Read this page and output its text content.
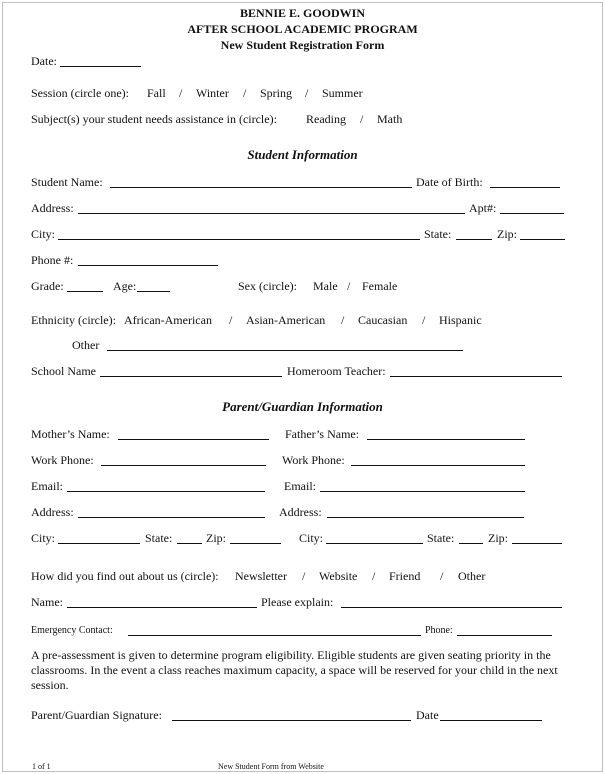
BENNIE E. GOODWIN
AFTER SCHOOL ACADEMIC PROGRAM
New Student Registration Form
Date:
Session (circle one): Fall / Winter / Spring / Summer
Subject(s) your student needs assistance in (circle): Reading / Math
Student Information
Student Name:	Date of Birth:
Address:	Apt#:
City:	State:	Zip:
Phone #:
Grade:	Age:	Sex (circle): Male / Female
Ethnicity (circle): African-American / Asian-American / Caucasian / Hispanic
Other
School Name	Homeroom Teacher:
Parent/Guardian Information
Mother’s Name:	Father’s Name:
Work Phone:	Work Phone:
Email:	Email:
Address:	Address:
City:	State:	Zip:	City:	State:	Zip:
How did you find out about us (circle): Newsletter / Website / Friend / Other
Name:	Please explain:
Emergency Contact:	Phone:
A pre-assessment is given to determine program eligibility. Eligible students are given seating priority in the classrooms. In the event a class reaches maximum capacity, a space will be reserved for your child in the next session.
Parent/Guardian Signature:	Date
1 of 1	New Student Form from Website
